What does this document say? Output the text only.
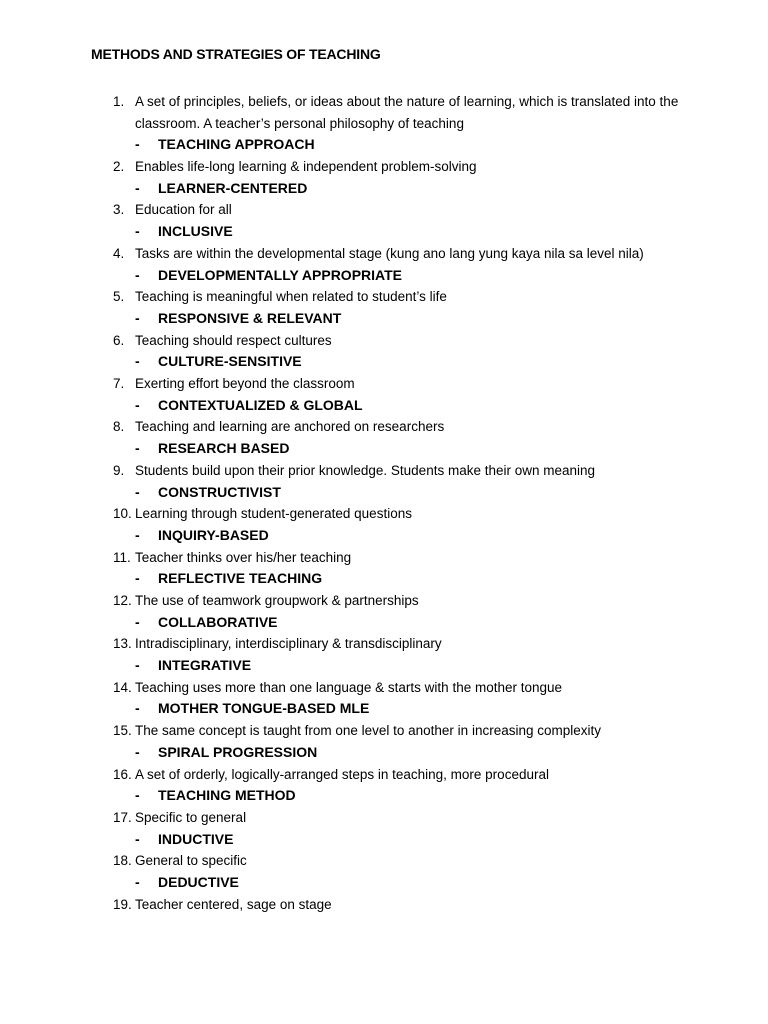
METHODS AND STRATEGIES OF TEACHING
1. A set of principles, beliefs, or ideas about the nature of learning, which is translated into the classroom. A teacher’s personal philosophy of teaching
- TEACHING APPROACH
2. Enables life-long learning & independent problem-solving
- LEARNER-CENTERED
3. Education for all
- INCLUSIVE
4. Tasks are within the developmental stage (kung ano lang yung kaya nila sa level nila)
- DEVELOPMENTALLY APPROPRIATE
5. Teaching is meaningful when related to student’s life
- RESPONSIVE & RELEVANT
6. Teaching should respect cultures
- CULTURE-SENSITIVE
7. Exerting effort beyond the classroom
- CONTEXTUALIZED & GLOBAL
8. Teaching and learning are anchored on researchers
- RESEARCH BASED
9. Students build upon their prior knowledge. Students make their own meaning
- CONSTRUCTIVIST
10. Learning through student-generated questions
- INQUIRY-BASED
11. Teacher thinks over his/her teaching
- REFLECTIVE TEACHING
12. The use of teamwork groupwork & partnerships
- COLLABORATIVE
13. Intradisciplinary, interdisciplinary & transdisciplinary
- INTEGRATIVE
14. Teaching uses more than one language & starts with the mother tongue
- MOTHER TONGUE-BASED MLE
15. The same concept is taught from one level to another in increasing complexity
- SPIRAL PROGRESSION
16. A set of orderly, logically-arranged steps in teaching, more procedural
- TEACHING METHOD
17. Specific to general
- INDUCTIVE
18. General to specific
- DEDUCTIVE
19. Teacher centered, sage on stage
